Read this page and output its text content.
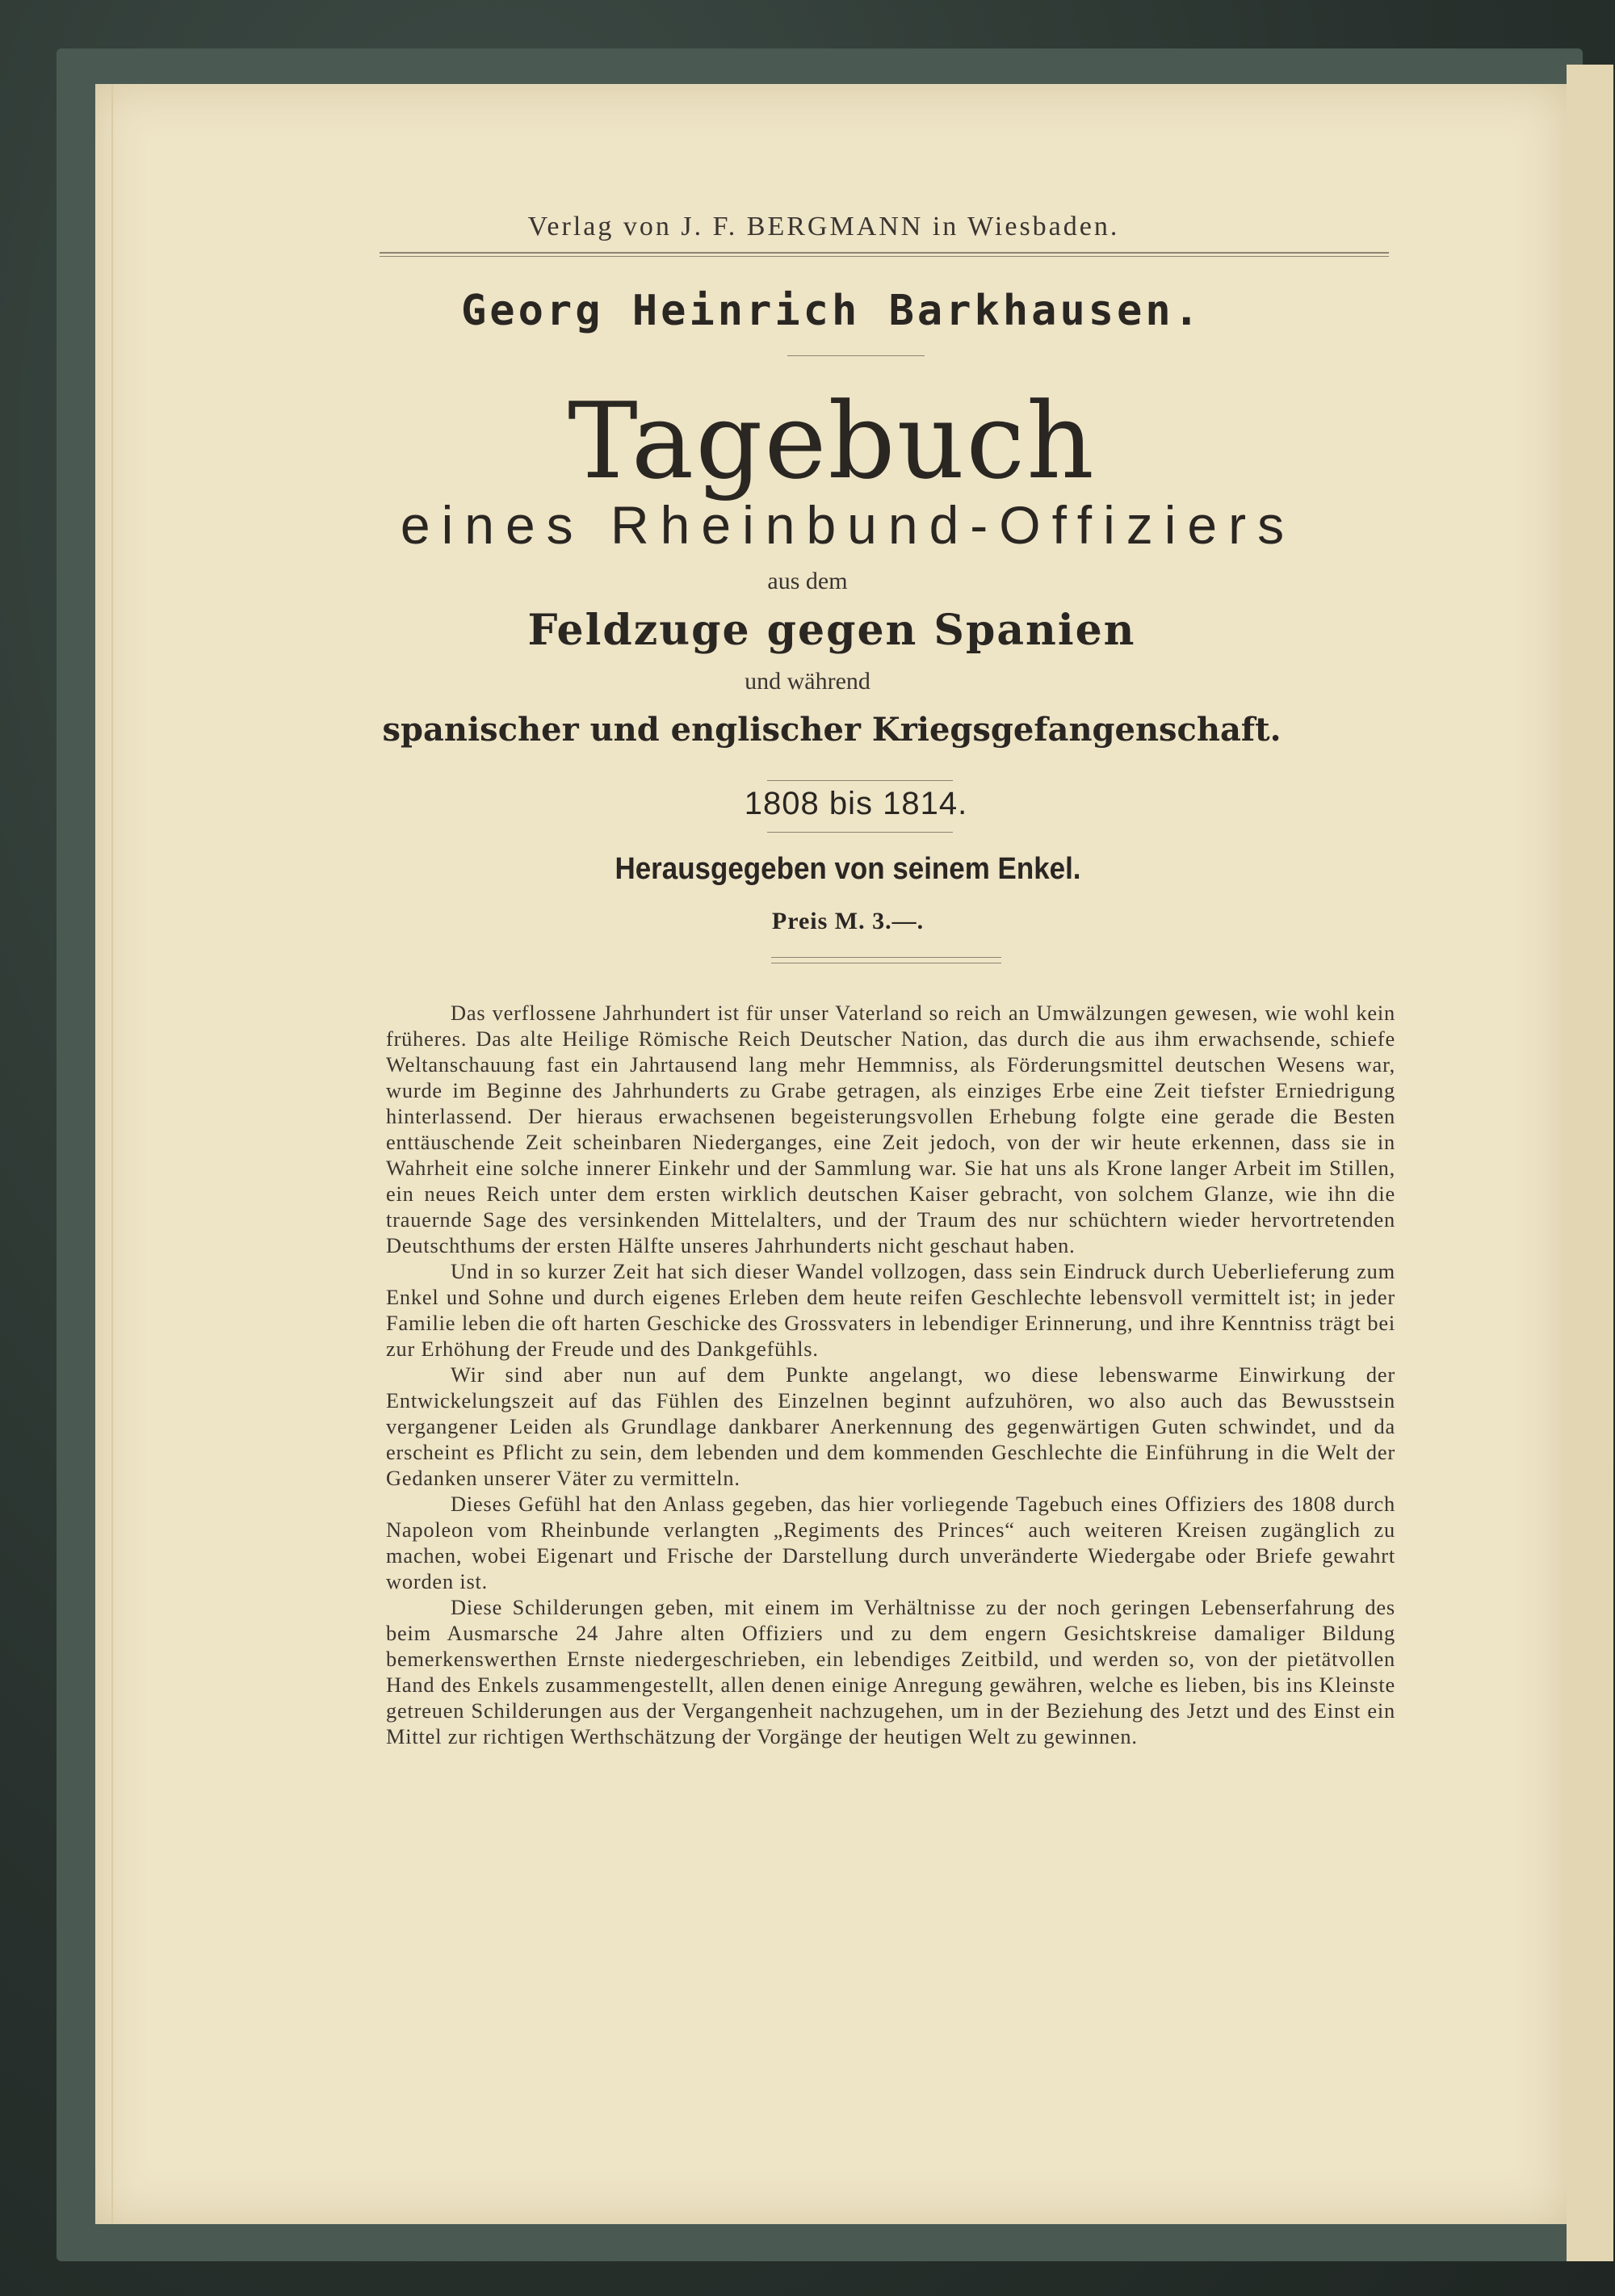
Verlag von J. F. BERGMANN in Wiesbaden.
Georg Heinrich Barkhausen.
Tagebuch
eines Rheinbund-Offiziers
aus dem
Feldzuge gegen Spanien
und während
spanischer und englischer Kriegsgefangenschaft.
1808 bis 1814.
Herausgegeben von seinem Enkel.
Preis M. 3.—.

Das verflossene Jahrhundert ist für unser Vaterland so reich an Umwälzungen gewesen, wie wohl kein früheres. Das alte Heilige Römische Reich Deutscher Nation, das durch die aus ihm erwachsende, schiefe Weltanschauung fast ein Jahrtausend lang mehr Hemmniss, als Förderungsmittel deutschen Wesens war, wurde im Beginne des Jahrhunderts zu Grabe getragen, als einziges Erbe eine Zeit tiefster Erniedrigung hinterlassend. Der hieraus erwachsenen begeisterungsvollen Erhebung folgte eine gerade die Besten enttäuschende Zeit scheinbaren Niederganges, eine Zeit jedoch, von der wir heute erkennen, dass sie in Wahrheit eine solche innerer Einkehr und der Sammlung war. Sie hat uns als Krone langer Arbeit im Stillen, ein neues Reich unter dem ersten wirklich deutschen Kaiser gebracht, von solchem Glanze, wie ihn die trauernde Sage des versinkenden Mittelalters, und der Traum des nur schüchtern wieder hervortretenden Deutschthums der ersten Hälfte unseres Jahrhunderts nicht geschaut haben.

Und in so kurzer Zeit hat sich dieser Wandel vollzogen, dass sein Eindruck durch Ueberlieferung zum Enkel und Sohne und durch eigenes Erleben dem heute reifen Geschlechte lebensvoll vermittelt ist; in jeder Familie leben die oft harten Geschicke des Grossvaters in lebendiger Erinnerung, und ihre Kenntniss trägt bei zur Erhöhung der Freude und des Dankgefühls.

Wir sind aber nun auf dem Punkte angelangt, wo diese lebenswarme Einwirkung der Entwickelungszeit auf das Fühlen des Einzelnen beginnt aufzuhören, wo also auch das Bewusstsein vergangener Leiden als Grundlage dankbarer Anerkennung des gegenwärtigen Guten schwindet, und da erscheint es Pflicht zu sein, dem lebenden und dem kommenden Geschlechte die Einführung in die Welt der Gedanken unserer Väter zu vermitteln.

Dieses Gefühl hat den Anlass gegeben, das hier vorliegende Tagebuch eines Offiziers des 1808 durch Napoleon vom Rheinbunde verlangten „Regiments des Princes“ auch weiteren Kreisen zugänglich zu machen, wobei Eigenart und Frische der Darstellung durch unveränderte Wiedergabe oder Briefe gewahrt worden ist.

Diese Schilderungen geben, mit einem im Verhältnisse zu der noch geringen Lebenserfahrung des beim Ausmarsche 24 Jahre alten Offiziers und zu dem engern Gesichtskreise damaliger Bildung bemerkenswerthen Ernste niedergeschrieben, ein lebendiges Zeitbild, und werden so, von der pietätvollen Hand des Enkels zusammengestellt, allen denen einige Anregung gewähren, welche es lieben, bis ins Kleinste getreuen Schilderungen aus der Vergangenheit nachzugehen, um in der Beziehung des Jetzt und des Einst ein Mittel zur richtigen Werthschätzung der Vorgänge der heutigen Welt zu gewinnen.
